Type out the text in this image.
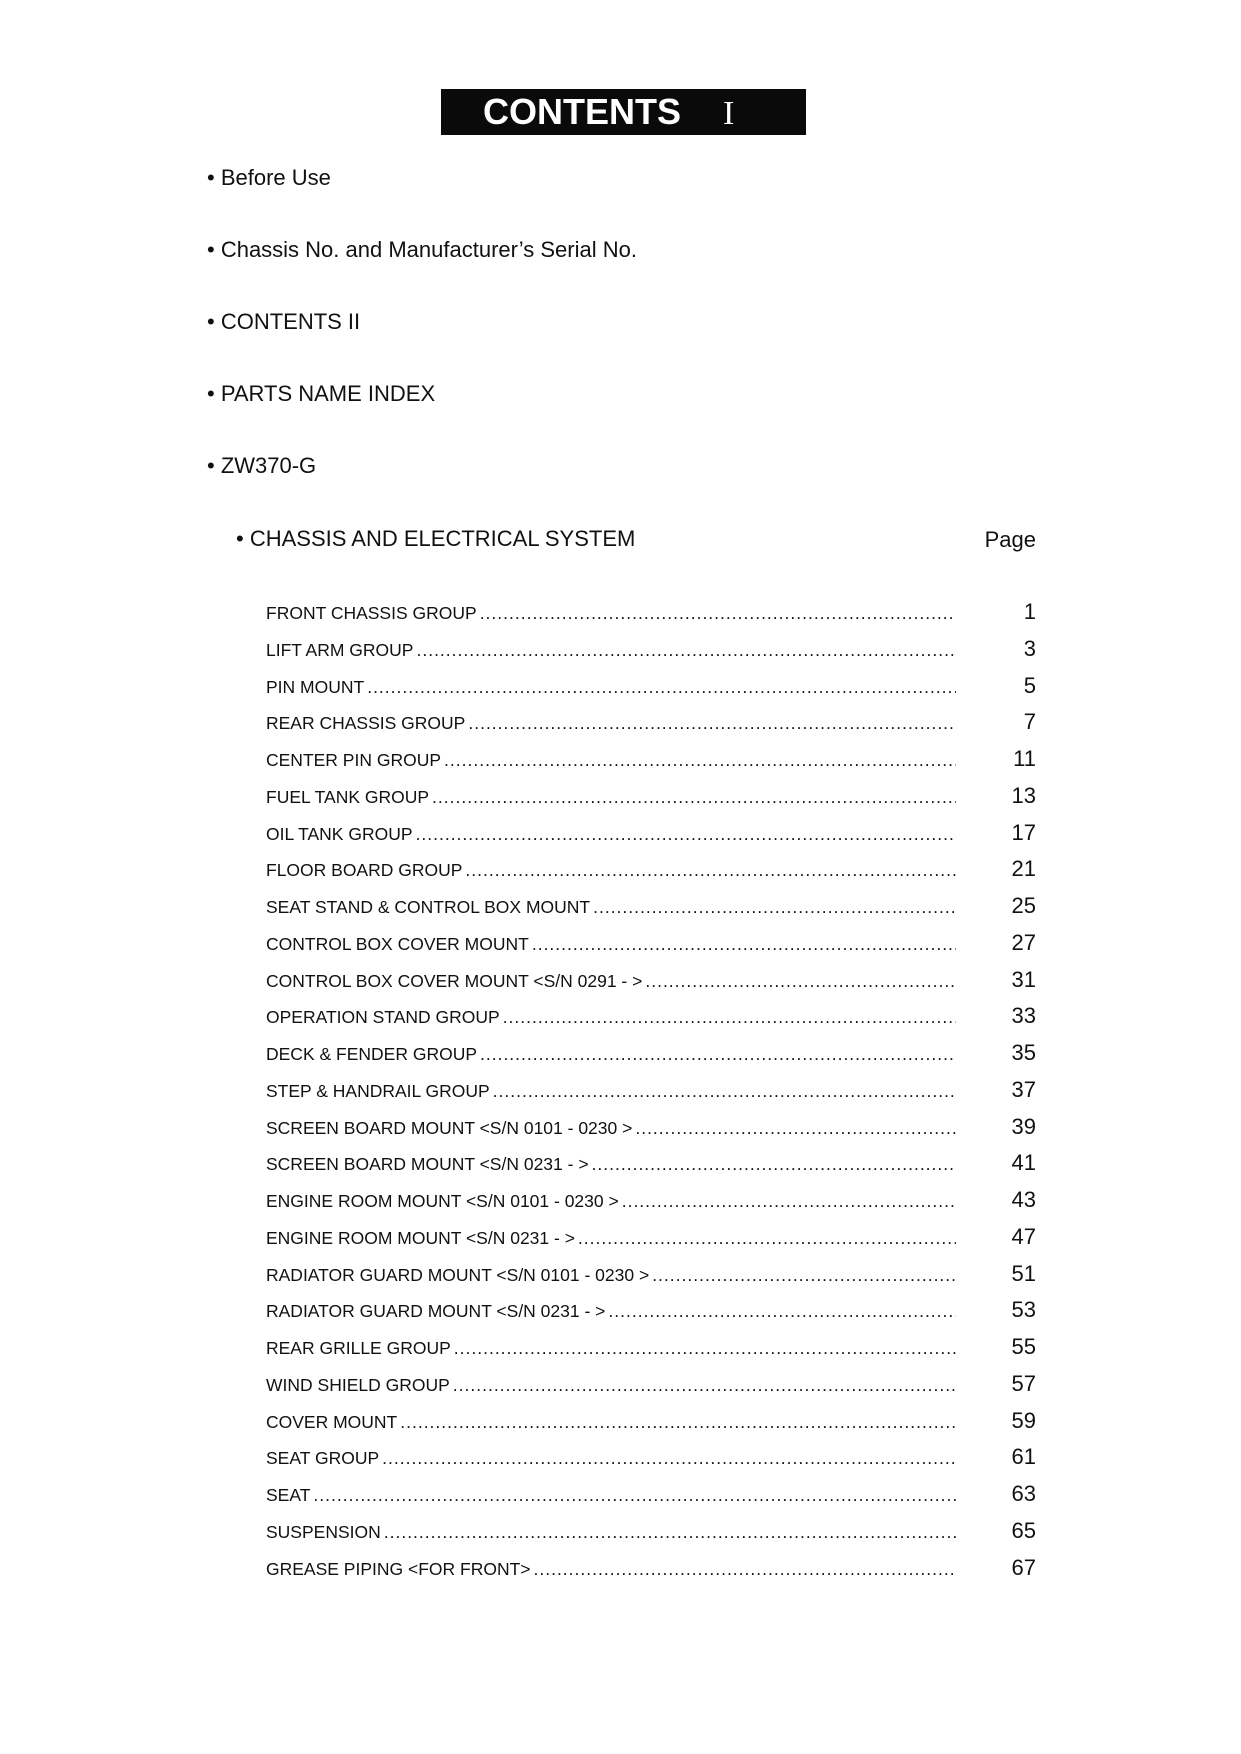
CONTENTS I
• Before Use
• Chassis No. and Manufacturer’s Serial No.
• CONTENTS II
• PARTS NAME INDEX
• ZW370-G
• CHASSIS AND ELECTRICAL SYSTEM	Page
FRONT CHASSIS GROUP .....	1
LIFT ARM GROUP .....	3
PIN MOUNT .....	5
REAR CHASSIS GROUP .....	7
CENTER PIN GROUP .....	11
FUEL TANK GROUP .....	13
OIL TANK GROUP .....	17
FLOOR BOARD GROUP .....	21
SEAT STAND & CONTROL BOX MOUNT .....	25
CONTROL BOX COVER MOUNT .....	27
CONTROL BOX COVER MOUNT <S/N 0291 - > .....	31
OPERATION STAND GROUP .....	33
DECK & FENDER GROUP .....	35
STEP & HANDRAIL GROUP .....	37
SCREEN BOARD MOUNT <S/N 0101 - 0230 > .....	39
SCREEN BOARD MOUNT <S/N 0231 - > .....	41
ENGINE ROOM MOUNT <S/N 0101 - 0230 > .....	43
ENGINE ROOM MOUNT <S/N 0231 - > .....	47
RADIATOR GUARD MOUNT <S/N 0101 - 0230 > .....	51
RADIATOR GUARD MOUNT <S/N 0231 - > .....	53
REAR GRILLE GROUP .....	55
WIND SHIELD GROUP .....	57
COVER MOUNT .....	59
SEAT GROUP .....	61
SEAT .....	63
SUSPENSION .....	65
GREASE PIPING <FOR FRONT> .....	67
